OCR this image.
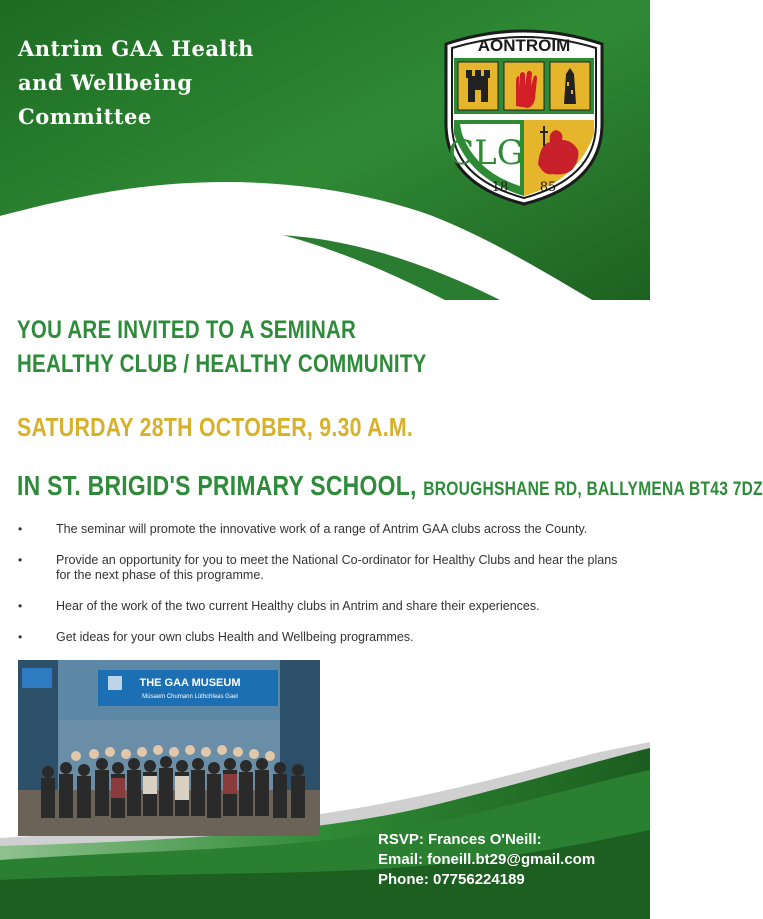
Antrim GAA Health
and Wellbeing
Committee
AONTROIM
CLG
18 85
YOU ARE INVITED TO A SEMINAR
HEALTHY CLUB / HEALTHY COMMUNITY
SATURDAY 28TH OCTOBER, 9.30 A.M.
IN ST. BRIGID'S PRIMARY SCHOOL, BROUGHSHANE RD, BALLYMENA BT43 7DZ
•	The seminar will promote the innovative work of a range of Antrim GAA clubs across the County.
•	Provide an opportunity for you to meet the National Co-ordinator for Healthy Clubs and hear the plans for the next phase of this programme.
•	Hear of the work of the two current Healthy clubs in Antrim and share their experiences.
•	Get ideas for your own clubs Health and Wellbeing programmes.
THE GAA MUSEUM
Músaem Chumann Lúthchleas Gael
RSVP: Frances O'Neill:
Email: foneill.bt29@gmail.com
Phone: 07756224189
